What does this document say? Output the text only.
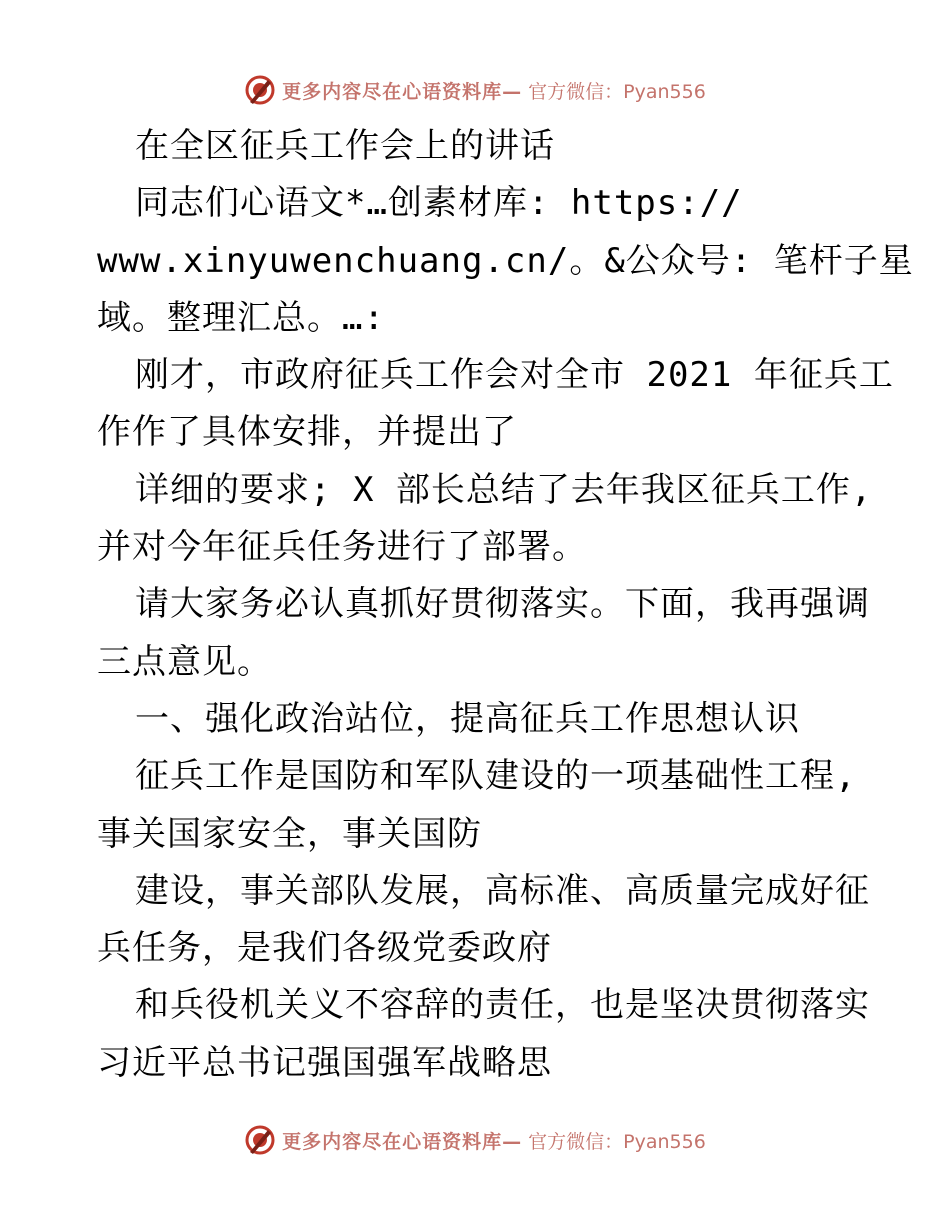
更多内容尽在心语资料库— 官方微信：Pyan556
在全区征兵工作会上的讲话
同志们心语文*…创素材库: https://
www.xinyuwenchuang.cn/。&公众号: 笔杆子星
域。整理汇总。…:
刚才，市政府征兵工作会对全市 2021 年征兵工
作作了具体安排，并提出了
详细的要求; X 部长总结了去年我区征兵工作,
并对今年征兵任务进行了部署。
请大家务必认真抓好贯彻落实。下面，我再强调
三点意见。
一、强化政治站位，提高征兵工作思想认识
征兵工作是国防和军队建设的一项基础性工程,
事关国家安全，事关国防
建设，事关部队发展，高标准、高质量完成好征
兵任务，是我们各级党委政府
和兵役机关义不容辞的责任，也是坚决贯彻落实
习近平总书记强国强军战略思
更多内容尽在心语资料库— 官方微信：Pyan556
